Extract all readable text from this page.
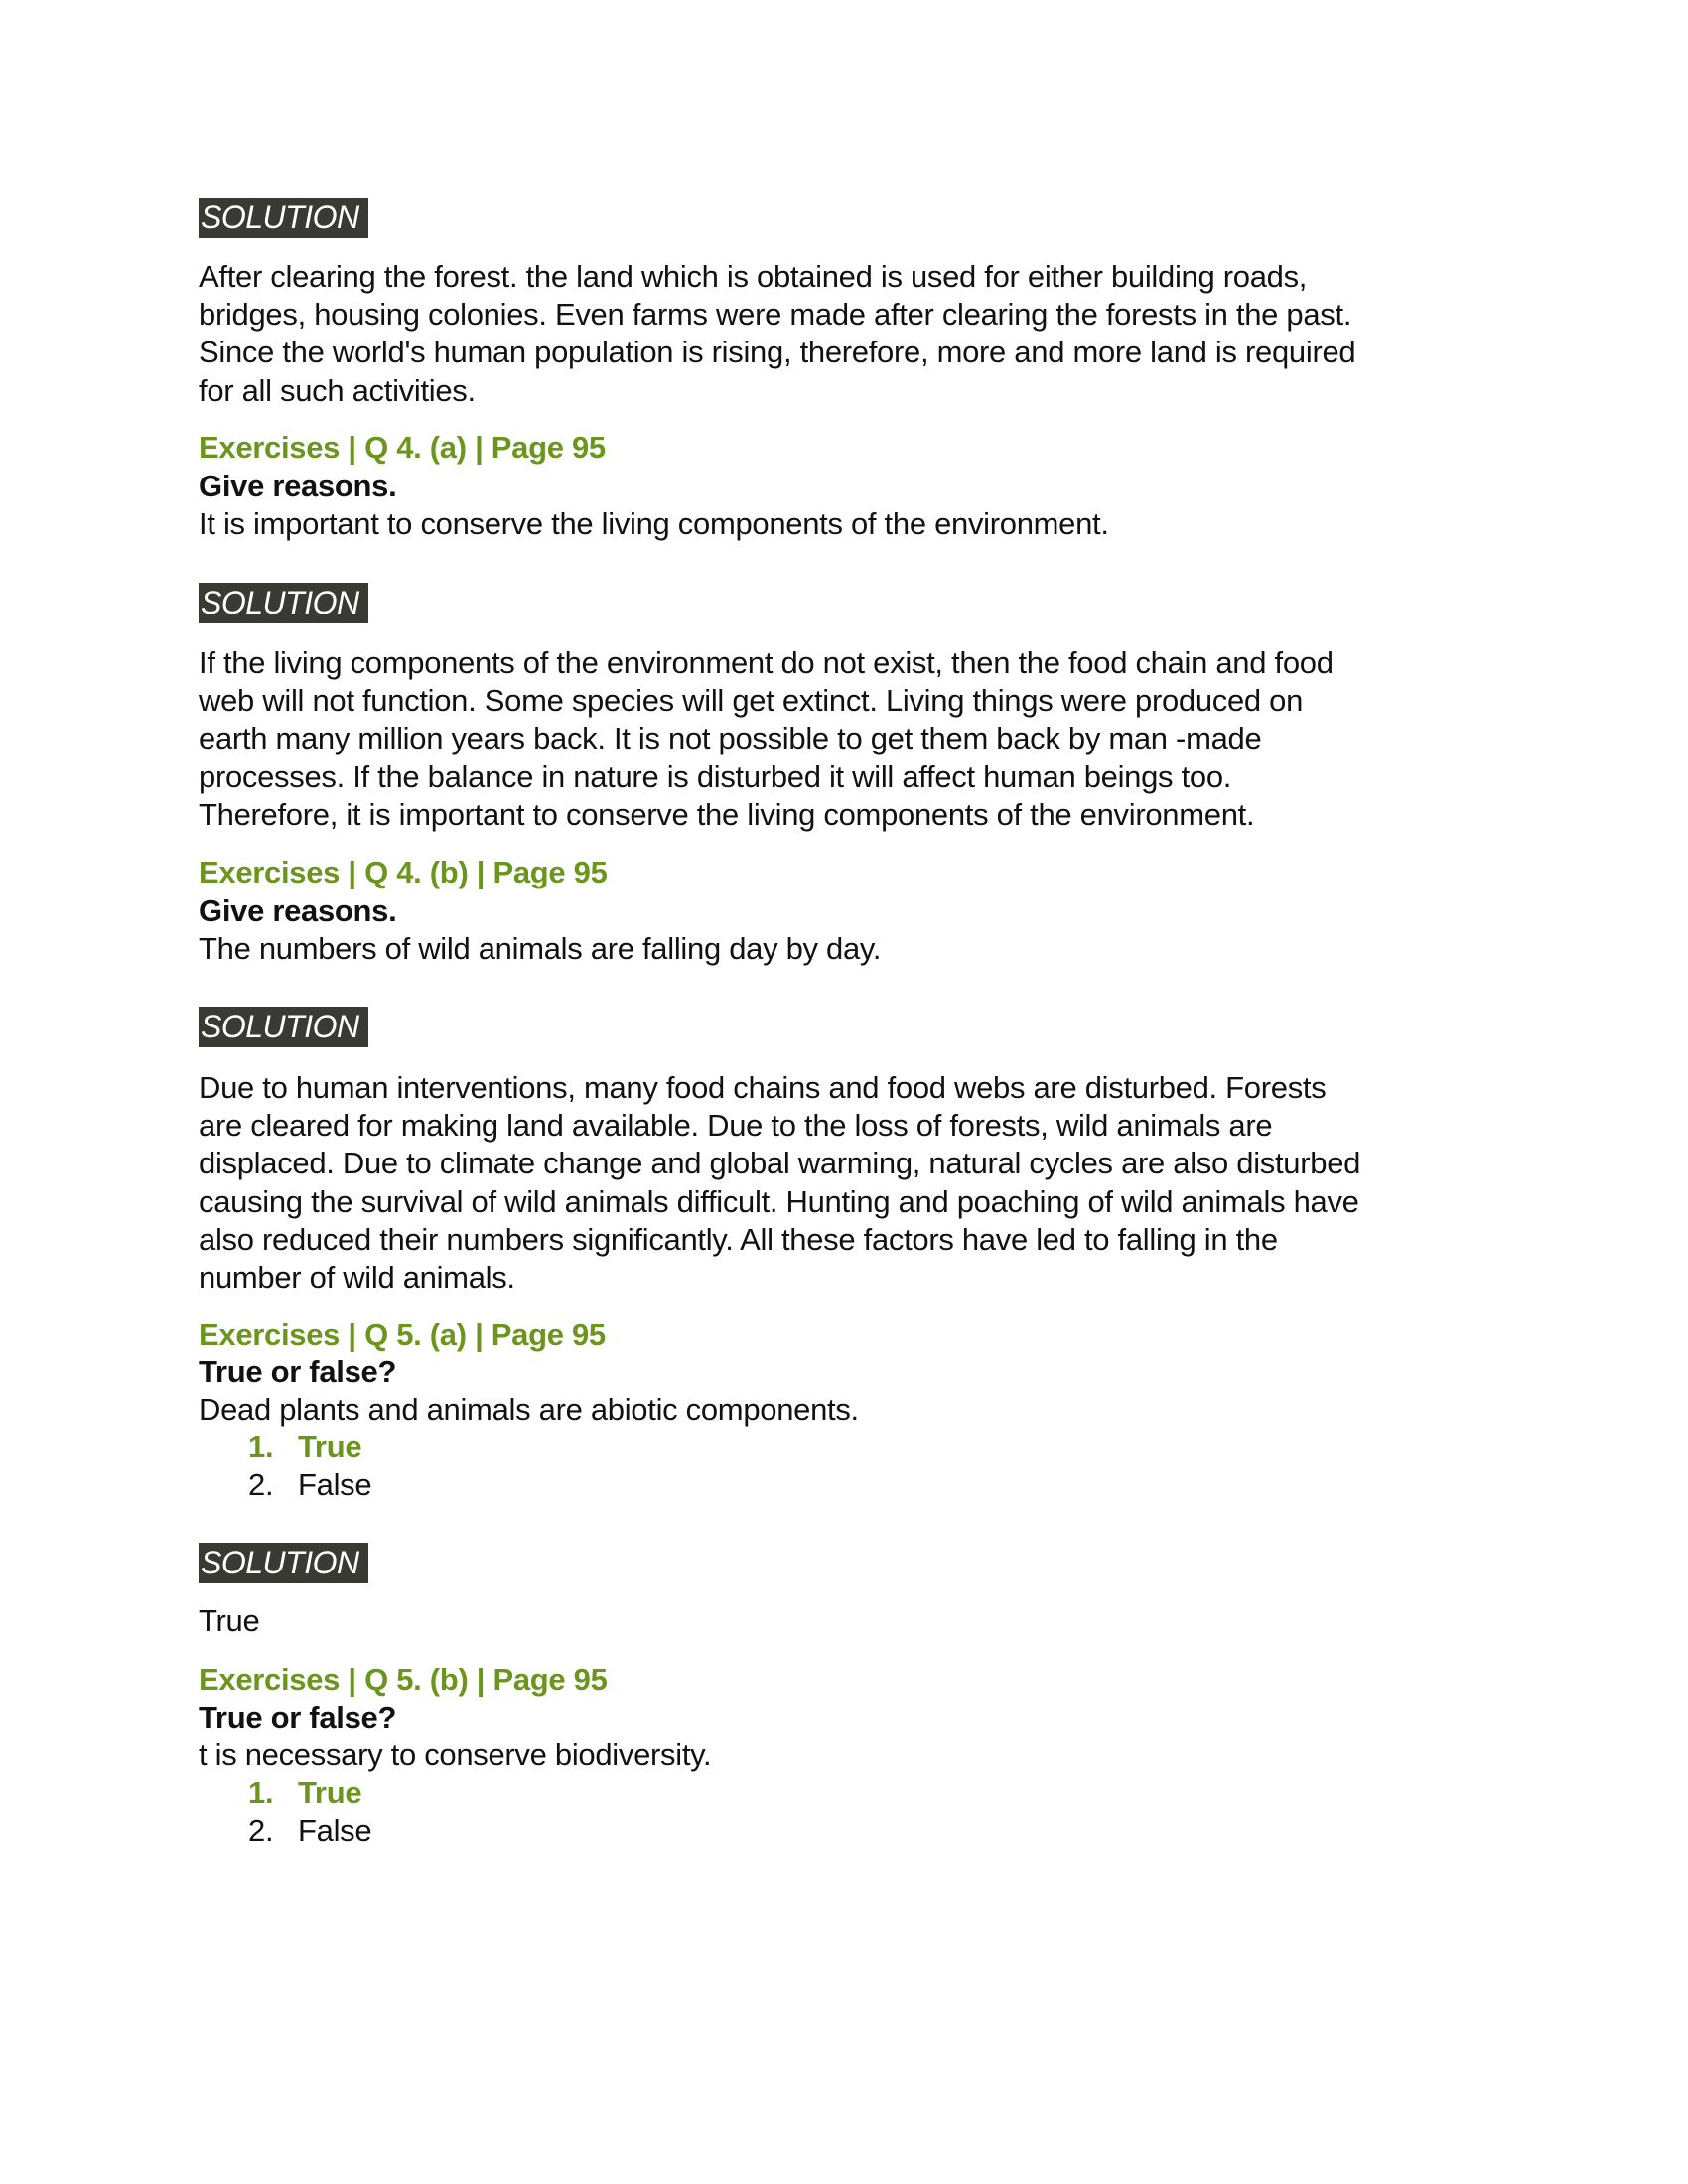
SOLUTION
After clearing the forest. the land which is obtained is used for either building roads,
bridges, housing colonies. Even farms were made after clearing the forests in the past.
Since the world's human population is rising, therefore, more and more land is required
for all such activities.
Exercises | Q 4. (a) | Page 95
Give reasons.
It is important to conserve the living components of the environment.
SOLUTION
If the living components of the environment do not exist, then the food chain and food
web will not function. Some species will get extinct. Living things were produced on
earth many million years back. It is not possible to get them back by man -made
processes. If the balance in nature is disturbed it will affect human beings too.
Therefore, it is important to conserve the living components of the environment.
Exercises | Q 4. (b) | Page 95
Give reasons.
The numbers of wild animals are falling day by day.
SOLUTION
Due to human interventions, many food chains and food webs are disturbed. Forests
are cleared for making land available. Due to the loss of forests, wild animals are
displaced. Due to climate change and global warming, natural cycles are also disturbed
causing the survival of wild animals difficult. Hunting and poaching of wild animals have
also reduced their numbers significantly. All these factors have led to falling in the
number of wild animals.
Exercises | Q 5. (a) | Page 95
True or false?
Dead plants and animals are abiotic components.
1. True
2. False
SOLUTION
True
Exercises | Q 5. (b) | Page 95
True or false?
t is necessary to conserve biodiversity.
1. True
2. False
